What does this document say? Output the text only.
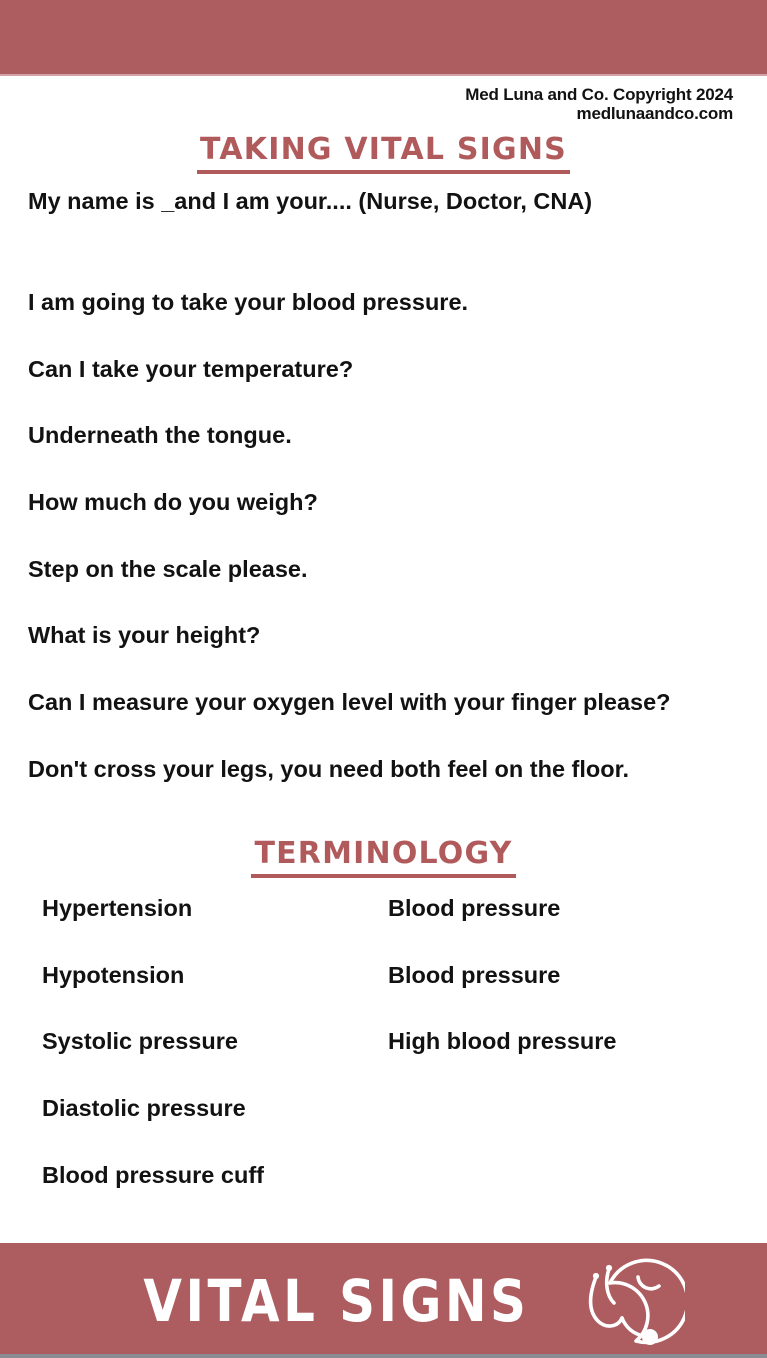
Med Luna and Co. Copyright 2024
medlunaandco.com
TAKING VITAL SIGNS
My name is _and I am your.... (Nurse, Doctor, CNA)
I am going to take your blood pressure.
Can I take your temperature?
Underneath the tongue.
How much do you weigh?
Step on the scale please.
What is your height?
Can I measure your oxygen level with your finger please?
Don't cross your legs, you need both feel on the floor.
TERMINOLOGY
Hypertension	Blood pressure
Hypotension	Blood pressure
Systolic pressure	High blood pressure
Diastolic pressure
Blood pressure cuff
VITAL SIGNS
